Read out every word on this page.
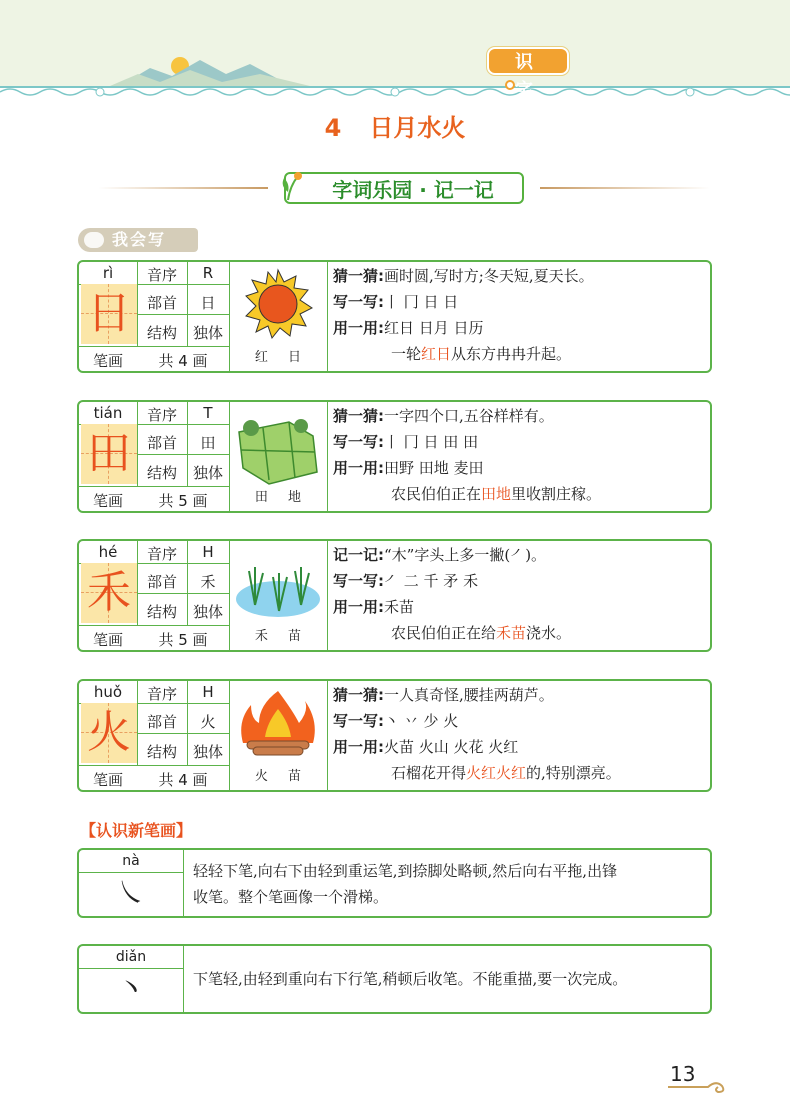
识 字
4 日月水火
字词乐园 · 记一记
我会写
rì	音序	R
部首	日
结构	独体
笔画	共 4 画
日
红 日
猜一猜:画时圆,写时方;冬天短,夏天长。
写一写:丨 冂 日 日
用一用:红日 日月 日历
一轮红日从东方冉冉升起。
tián	音序	T
部首	田
结构	独体
笔画	共 5 画
田
田 地
猜一猜:一字四个口,五谷样样有。
写一写:丨 冂 日 田 田
用一用:田野 田地 麦田
农民伯伯正在田地里收割庄稼。
hé	音序	H
部首	禾
结构	独体
笔画	共 5 画
禾
禾 苗
记一记:“木”字头上多一撇(㇒)。
写一写:㇒ 二 千 矛 禾
用一用:禾苗
农民伯伯正在给禾苗浇水。
huǒ	音序	H
部首	火
结构	独体
笔画	共 4 画
火
火 苗
猜一猜:一人真奇怪,腰挂两葫芦。
写一写:丶 丷 少 火
用一用:火苗 火山 火花 火红
石榴花开得火红火红的,特别漂亮。
【认识新笔画】
nà
㇏
轻轻下笔,向右下由轻到重运笔,到捺脚处略顿,然后向右平拖,出锋
收笔。整个笔画像一个滑梯。
diǎn
丶	下笔轻,由轻到重向右下行笔,稍顿后收笔。不能重描,要一次完成。
13
